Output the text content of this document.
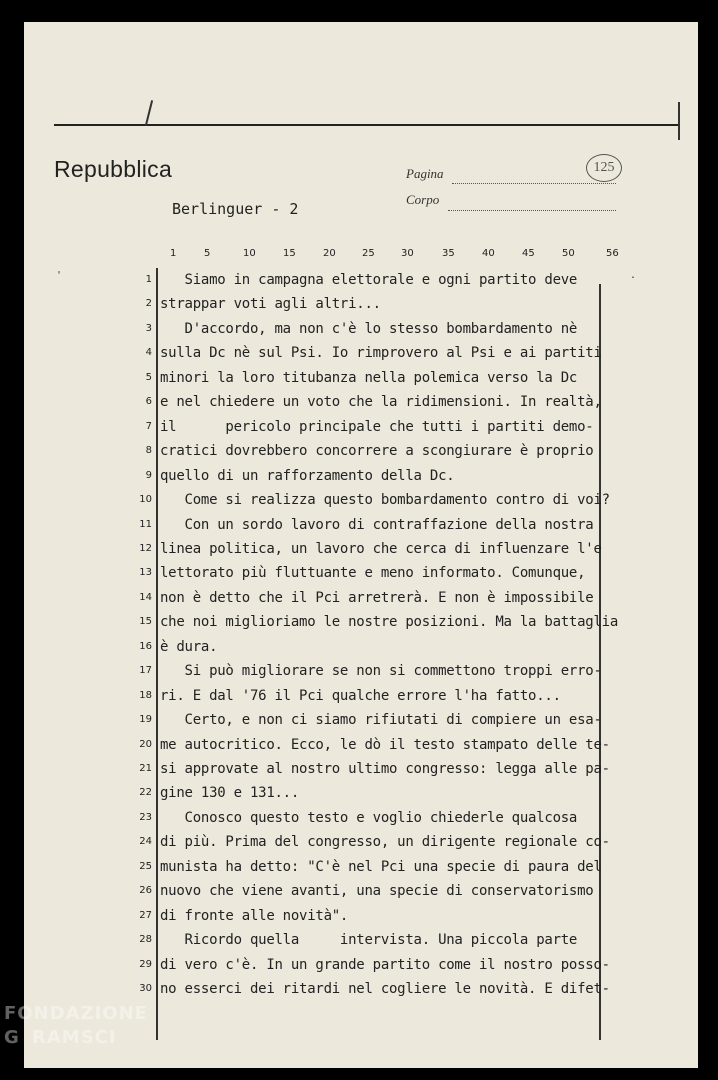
Repubblica	Pagina	125
Corpo
Berlinguer - 2
1	5	10	15	20	25	30	35	40	45	50	56
'	.
1 Siamo in campagna elettorale e ogni partito deve
2 strappar voti agli altri...
3 D'accordo, ma non c'è lo stesso bombardamento nè
4 sulla Dc nè sul Psi. Io rimprovero al Psi e ai partiti
5 minori la loro titubanza nella polemica verso la Dc
6 e nel chiedere un voto che la ridimensioni. In realtà,
7 il      pericolo principale che tutti i partiti demo-
8 cratici dovrebbero concorrere a scongiurare è proprio
9 quello di un rafforzamento della Dc.
10 Come si realizza questo bombardamento contro di voi?
11 Con un sordo lavoro di contraffazione della nostra
12 linea politica, un lavoro che cerca di influenzare l'e
13 lettorato più fluttuante e meno informato. Comunque,
14 non è detto che il Pci arretrerà. E non è impossibile
15 che noi miglioriamo le nostre posizioni. Ma la battaglia
16 è dura.
17 Si può migliorare se non si commettono troppi erro-
18 ri. E dal '76 il Pci qualche errore l'ha fatto...
19 Certo, e non ci siamo rifiutati di compiere un esa-
20 me autocritico. Ecco, le dò il testo stampato delle te-
21 si approvate al nostro ultimo congresso: legga alle pa-
22 gine 130 e 131...
23 Conosco questo testo e voglio chiederle qualcosa
24 di più. Prima del congresso, un dirigente regionale co-
25 munista ha detto: "C'è nel Pci una specie di paura del
26 nuovo che viene avanti, una specie di conservatorismo
27 di fronte alle novità".
28 Ricordo quella     intervista. Una piccola parte
29 di vero c'è. In un grande partito come il nostro posso-
30 no esserci dei ritardi nel cogliere le novità. E difet-
FONDAZIONE
G RAMSCI
